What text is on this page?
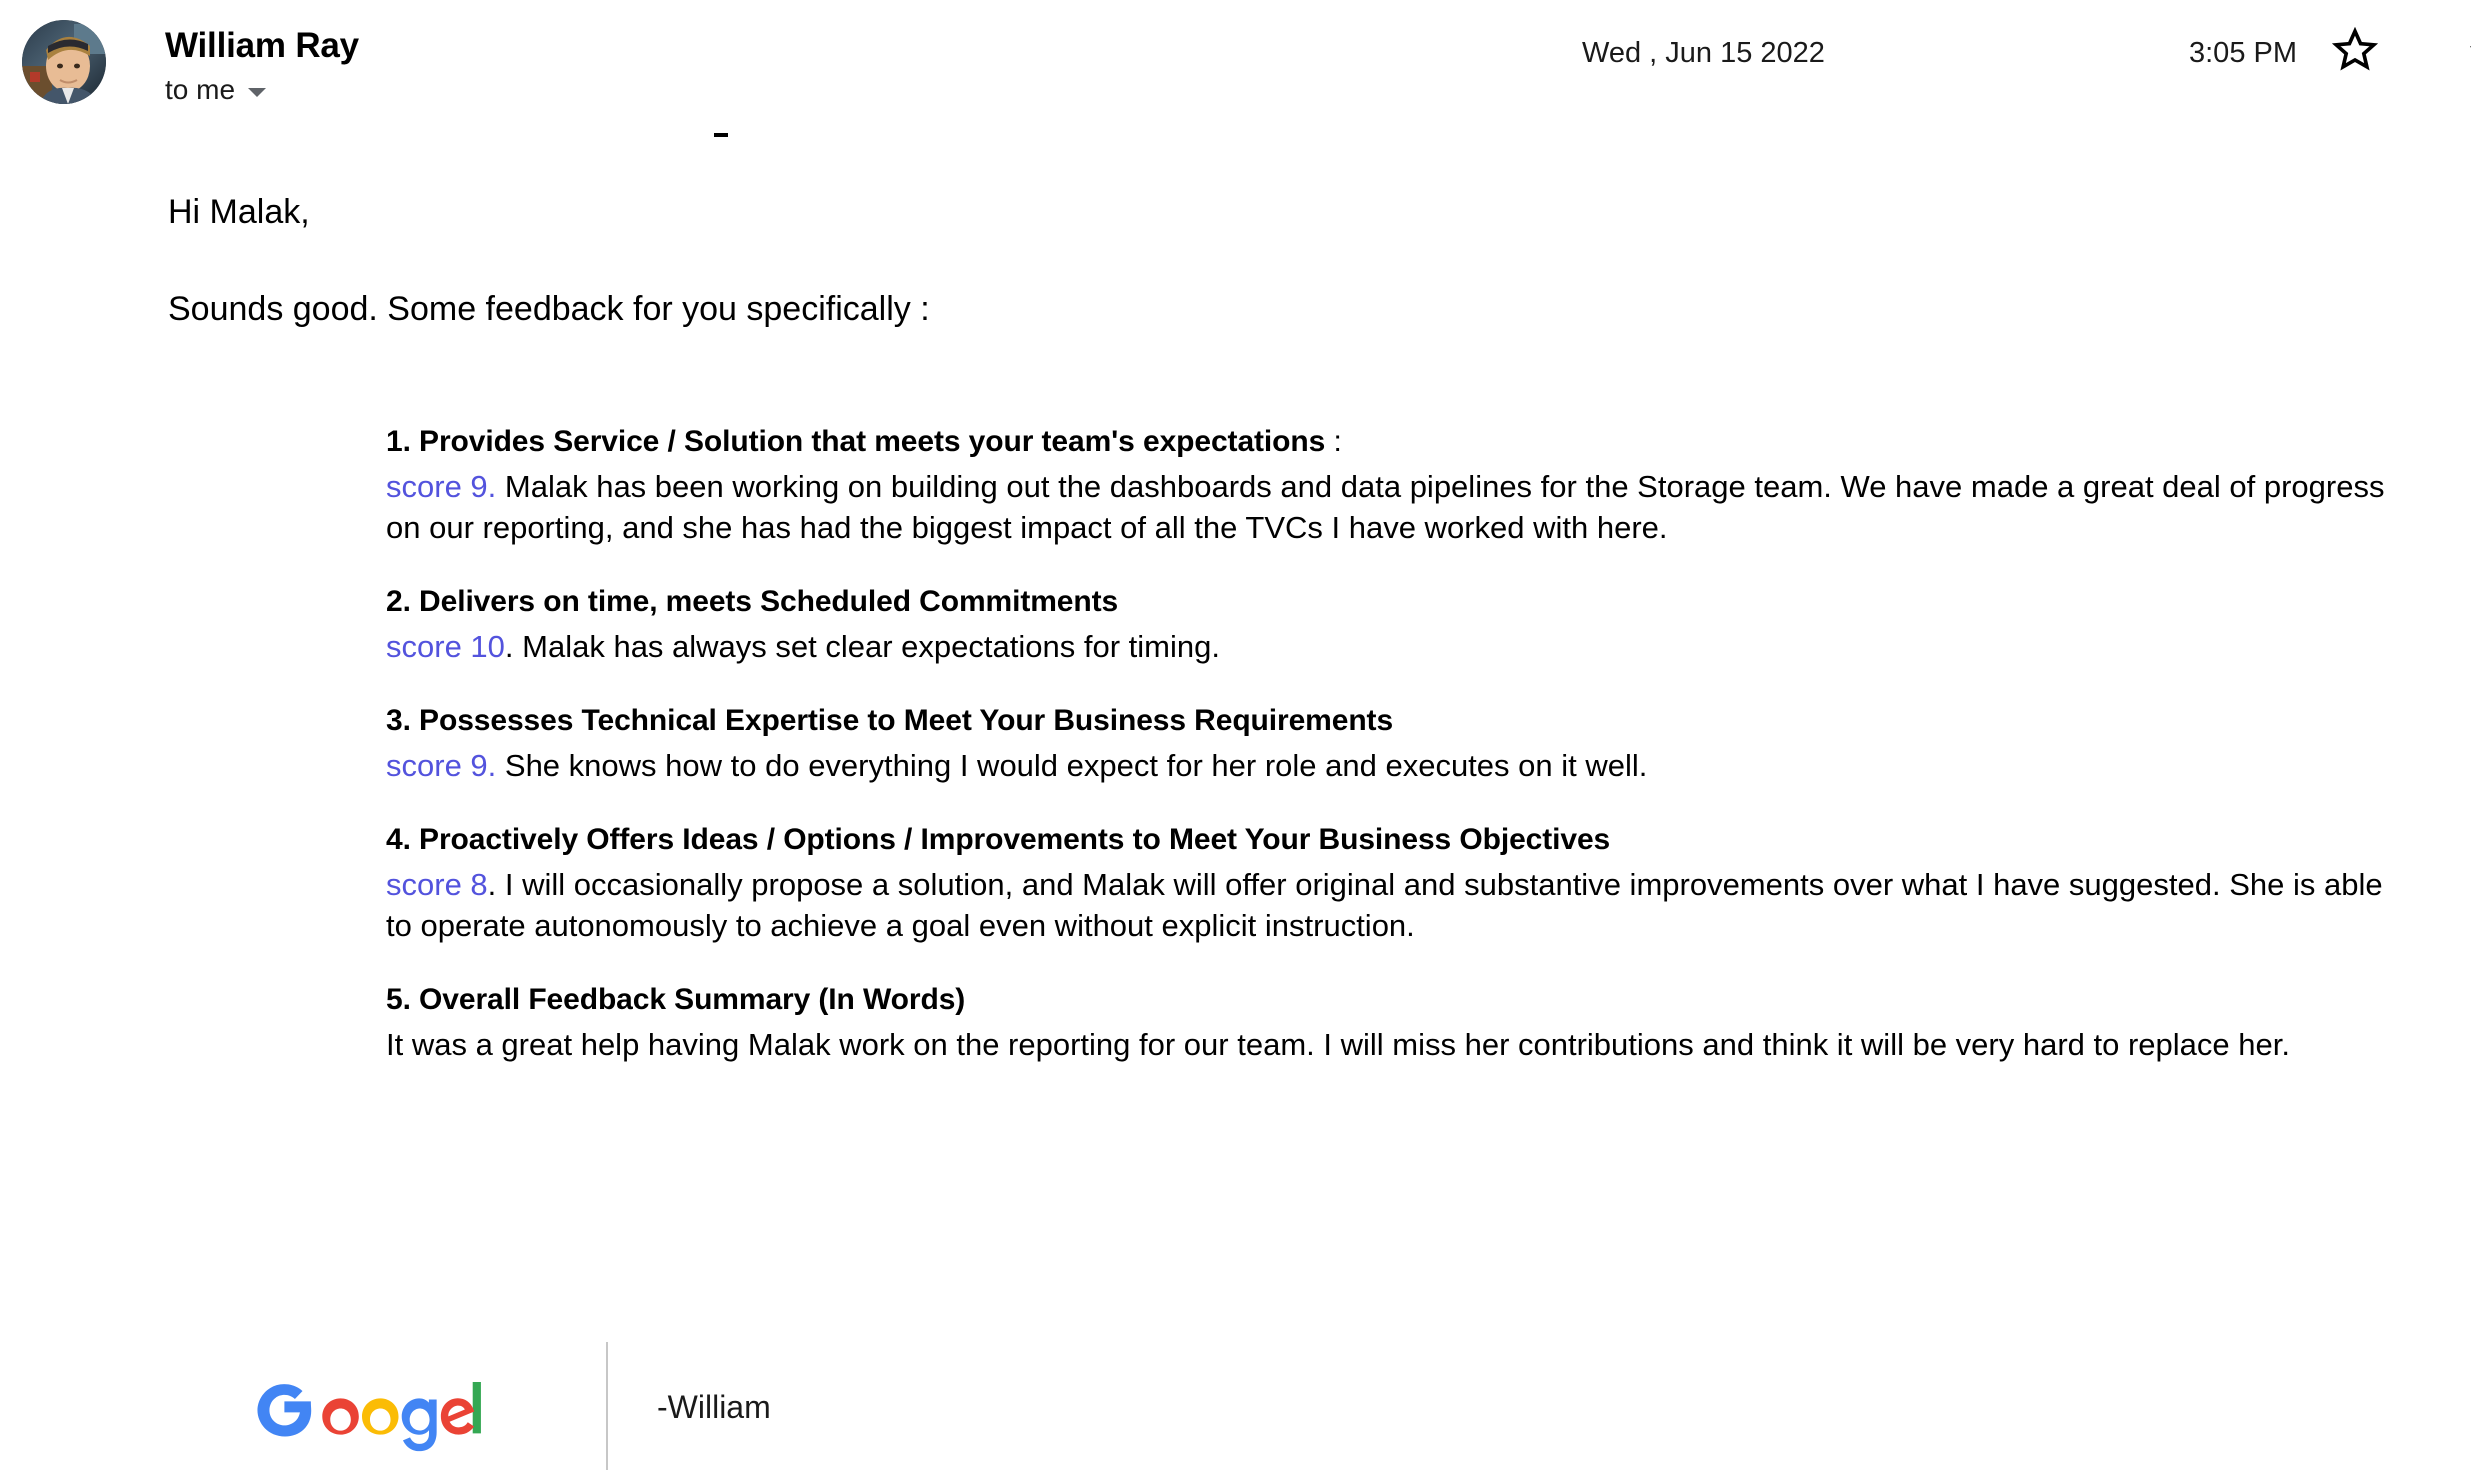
William Ray
to me
Wed , Jun 15 2022	3:05 PM
Hi Malak,
Sounds good. Some feedback for you specifically :
1. Provides Service / Solution that meets your team's expectations :
score 9. Malak has been working on building out the dashboards and data pipelines for the Storage team. We have made a great deal of progress on our reporting, and she has had the biggest impact of all the TVCs I have worked with here.
2. Delivers on time, meets Scheduled Commitments
score 10. Malak has always set clear expectations for timing.
3. Possesses Technical Expertise to Meet Your Business Requirements
score 9. She knows how to do everything I would expect for her role and executes on it well.
4. Proactively Offers Ideas / Options / Improvements to Meet Your Business Objectives
score 8. I will occasionally propose a solution, and Malak will offer original and substantive improvements over what I have suggested. She is able to operate autonomously to achieve a goal even without explicit instruction.
5. Overall Feedback Summary (In Words)
It was a great help having Malak work on the reporting for our team. I will miss her contributions and think it will be very hard to replace her.
-William
